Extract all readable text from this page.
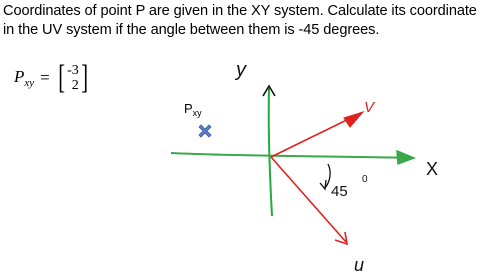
Coordinates of point P are given in the XY system. Calculate its coordinate
in the UV system if the angle between them is -45 degrees.
$P_{xy}$ = [ -3
2 ]
$P_{xy}$
y
X
V
u
45
0
